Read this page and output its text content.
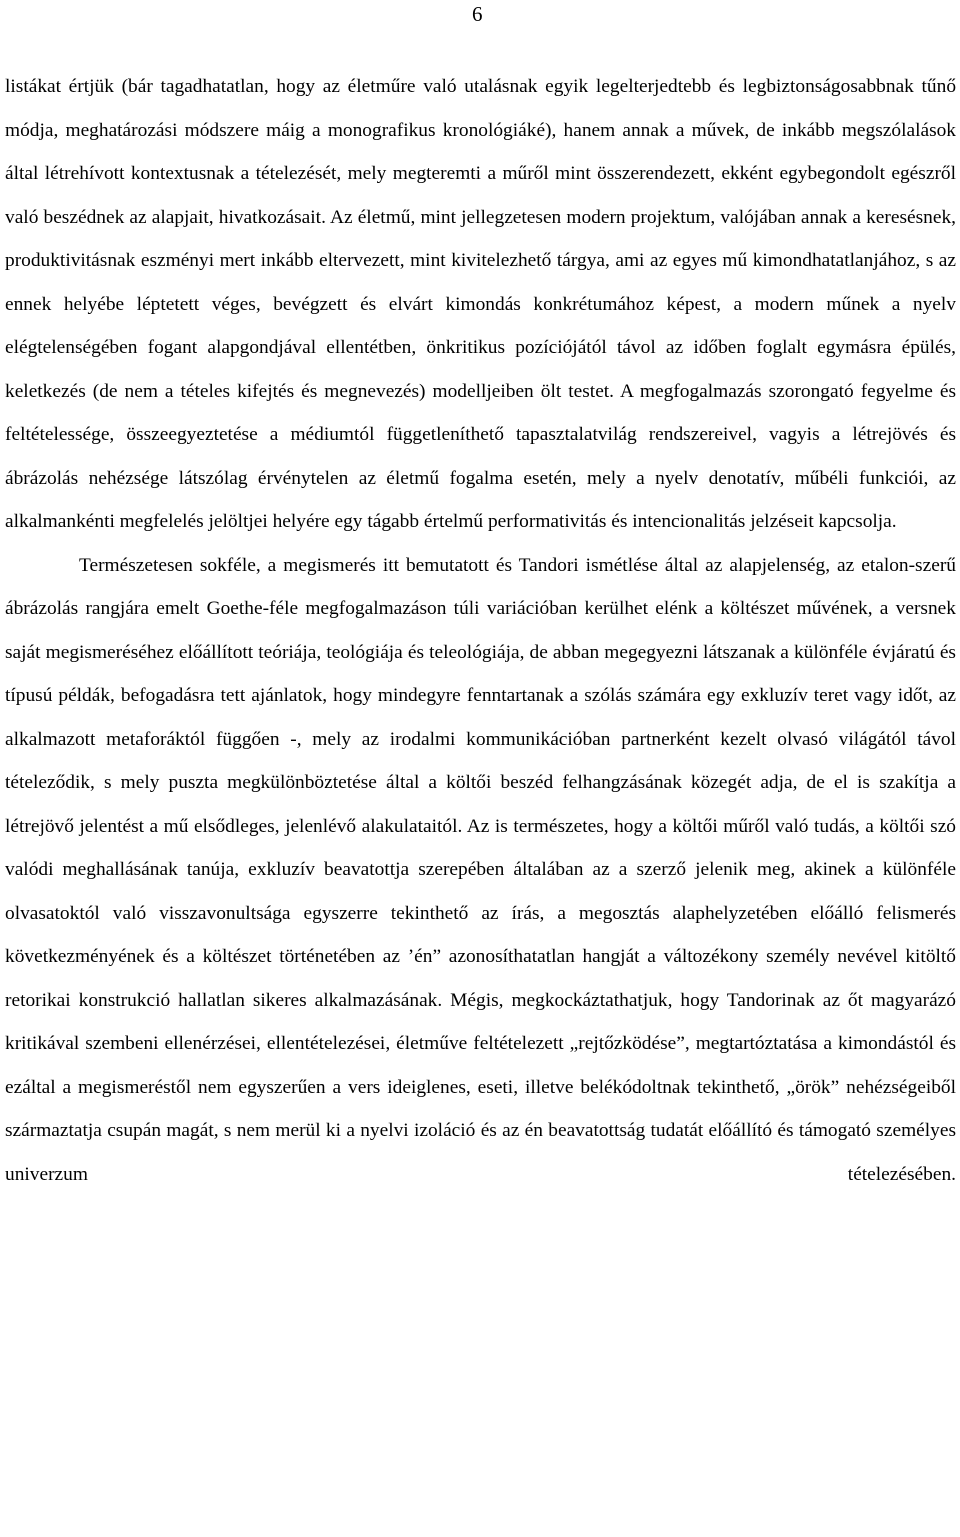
6
listákat értjük (bár tagadhatatlan, hogy az életműre való utalásnak egyik legelterjedtebb és legbiztonságosabbnak tűnő módja, meghatározási módszere máig a monografikus kronológiáké), hanem annak a művek, de inkább megszólalások által létrehívott kontextusnak a tételezését, mely megteremti a műről mint összerendezett, ekként egybegondolt egészről való beszédnek az alapjait, hivatkozásait. Az életmű, mint jellegzetesen modern projektum, valójában annak a keresésnek, produktivitásnak eszményi mert inkább eltervezett, mint kivitelezhető tárgya, ami az egyes mű kimondhatatlanjához, s az ennek helyébe léptetett véges, bevégzett és elvárt kimondás konkrétumához képest, a modern műnek a nyelv elégtelenségében fogant alapgondjával ellentétben, önkritikus pozíciójától távol az időben foglalt egymásra épülés, keletkezés (de nem a tételes kifejtés és megnevezés) modelljeiben ölt testet. A megfogalmazás szorongató fegyelme és feltételessége, összeegyeztetése a médiumtól függetleníthető tapasztalatvilág rendszereivel, vagyis a létrejövés és ábrázolás nehézsége látszólag érvénytelen az életmű fogalma esetén, mely a nyelv denotatív, műbéli funkciói, az alkalmankénti megfelelés jelöltjei helyére egy tágabb értelmű performativitás és intencionalitás jelzéseit kapcsolja.
Természetesen sokféle, a megismerés itt bemutatott és Tandori ismétlése által az alapjelenség, az etalon-szerű ábrázolás rangjára emelt Goethe-féle megfogalmazáson túli variációban kerülhet elénk a költészet művének, a versnek saját megismeréséhez előállított teóriája, teológiája és teleológiája, de abban megegyezni látszanak a különféle évjáratú és típusú példák, befogadásra tett ajánlatok, hogy mindegyre fenntartanak a szólás számára egy exkluzív teret vagy időt, az alkalmazott metaforáktól függően -, mely az irodalmi kommunikációban partnerként kezelt olvasó világától távol tételeződik, s mely puszta megkülönböztetése által a költői beszéd felhangzásának közegét adja, de el is szakítja a létrejövő jelentést a mű elsődleges, jelenlévő alakulataitól. Az is természetes, hogy a költői műről való tudás, a költői szó valódi meghallásának tanúja, exkluzív beavatottja szerepében általában az a szerző jelenik meg, akinek a különféle olvasatoktól való visszavonultsága egyszerre tekinthető az írás, a megosztás alaphelyzetében előálló felismerés következményének és a költészet történetében az ’én” azonosíthatatlan hangját a változékony személy nevével kitöltő retorikai konstrukció hallatlan sikeres alkalmazásának. Mégis, megkockáztathatjuk, hogy Tandorinak az őt magyarázó kritikával szembeni ellenérzései, ellentételezései, életműve feltételezett „rejtőzködése”, megtartóztatása a kimondástól és ezáltal a megismeréstől nem egyszerűen a vers ideiglenes, eseti, illetve belékódoltnak tekinthető, „örök” nehézségeiből származtatja csupán magát, s nem merül ki a nyelvi izoláció és az én beavatottság tudatát előállító és támogató személyes univerzum tételezésében.
